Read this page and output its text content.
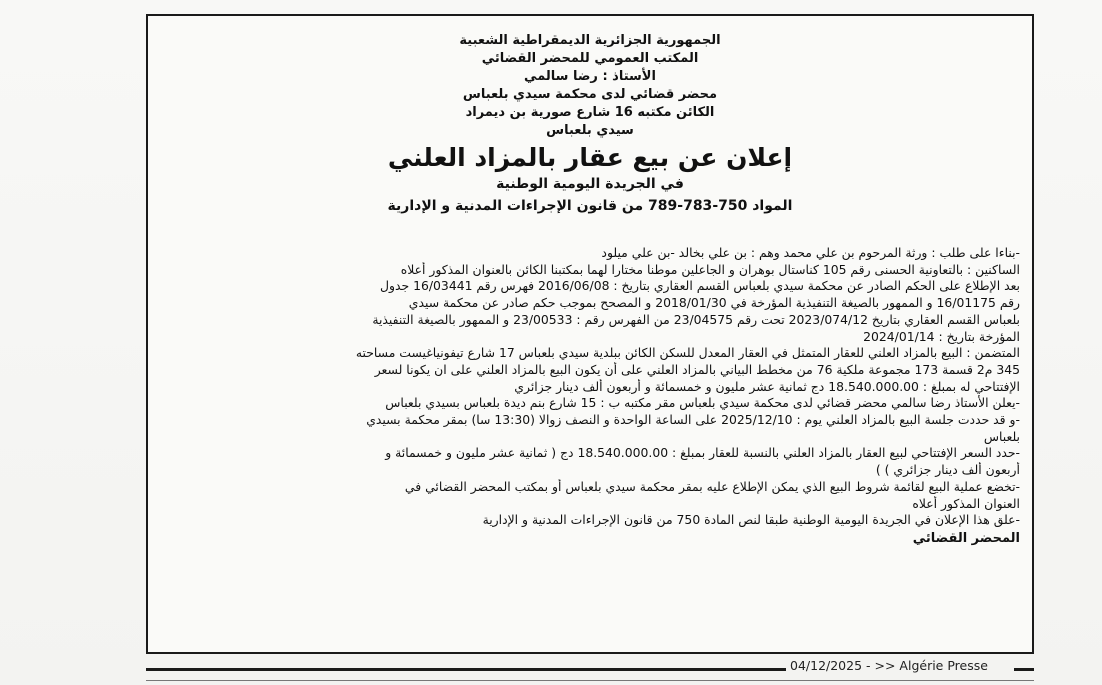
الجمهورية الجزائرية الديمقراطية الشعبية

المكتب العمومي للمحضر القضائي

الأستاذ : رضا سالمي

محضر قضائي لدى محكمة سيدي بلعباس

الكائن مكتبه 16 شارع صورية بن ديمراد

سيدي بلعباس

إعلان عن بيع عقار بالمزاد العلني

في الجريدة اليومية الوطنية

المواد 750-783-789 من قانون الإجراءات المدنية و الإدارية

-بناءا على طلب : ورثة المرحوم بن علي محمد وهم : بن علي بخالد -بن علي ميلود

الساكنين : بالتعاونية الحسنى رقم 105 كناستال بوهران و الجاعلين موطنا مختارا لهما بمكتبنا الكائن بالعنوان المذكور أعلاه

بعد الإطلاع على الحكم الصادر عن محكمة سيدي بلعباس القسم العقاري بتاريخ : 2016/06/08 فهرس رقم 16/03441 جدول

رقم 16/01175 و الممهور بالصيغة التنفيذية المؤرخة في 2018/01/30 و المصحح بموجب حكم صادر عن محكمة سيدي

بلعباس القسم العقاري بتاريخ 2023/074/12 تحت رقم 23/04575 من الفهرس رقم : 23/00533 و الممهور بالصيغة التنفيذية

المؤرخة بتاريخ : 2024/01/14

المتضمن : البيع بالمزاد العلني للعقار المتمثل في العقار المعدل للسكن الكائن ببلدية سيدي بلعباس 17 شارع تيفونياغيست مساحته

345 م2 قسمة 173 مجموعة ملكية 76 من مخطط البياني بالمزاد العلني على أن يكون البيع بالمزاد العلني على ان يكونا لسعر

الإفتتاحي له بمبلغ : 18.540.000.00 دج ثمانية عشر مليون و خمسمائة و أربعون ألف دينار جزائري

-يعلن الأستاذ رضا سالمي محضر قضائي لدى محكمة سيدي بلعباس مقر مكتبه ب : 15 شارع بنم ديدة بلعباس بسيدي بلعباس

-و قد حددت جلسة البيع بالمزاد العلني يوم : 2025/12/10 على الساعة الواحدة و النصف زوالا (13:30 سا) بمقر محكمة بسيدي

بلعباس

-حدد السعر الإفتتاحي لبيع العقار بالمزاد العلني بالنسبة للعقار بمبلغ : 18.540.000.00 دج ( ثمانية عشر مليون و خمسمائة و

أربعون ألف دينار جزائري ) )

-تخضع عملية البيع لقائمة شروط البيع الذي يمكن الإطلاع عليه بمقر محكمة سيدي بلعباس أو بمكتب المحضر القضائي في

العنوان المذكور أعلاه

-علق هذا الإعلان في الجريدة اليومية الوطنية طبقا لنص المادة 750 من قانون الإجراءات المدنية و الإدارية

المحضر القضائي

04/12/2025 - >> Algérie Presse
